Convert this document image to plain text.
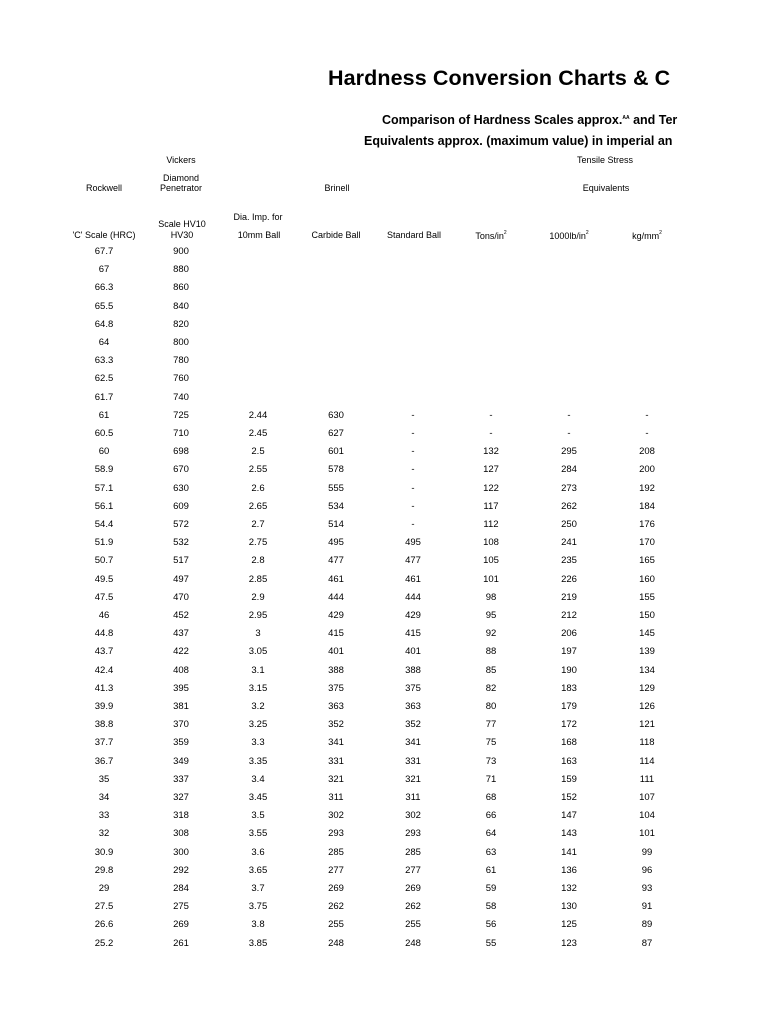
Hardness Conversion Charts & C
Comparison of Hardness Scales approx.$^{AA}$ and Ter
Equivalents approx. (maximum value) in imperial an
Vickers	Tensile Stress
Diamond
Penetrator
Rockwell	Brinell	Equivalents
Dia. Imp. for
Scale HV10
HV30
'C' Scale (HRC)	10mm Ball	Carbide Ball	Standard Ball	Tons/$in^2$	$1000lb/in^2$	$kg/mm^2$
67.7	900
67	880
66.3	860
65.5	840
64.8	820
64	800
63.3	780
62.5	760
61.7	740
61	725	2.44	630	-	-	-	-
60.5	710	2.45	627	-	-	-	-
60	698	2.5	601	-	132	295	208
58.9	670	2.55	578	-	127	284	200
57.1	630	2.6	555	-	122	273	192
56.1	609	2.65	534	-	117	262	184
54.4	572	2.7	514	-	112	250	176
51.9	532	2.75	495	495	108	241	170
50.7	517	2.8	477	477	105	235	165
49.5	497	2.85	461	461	101	226	160
47.5	470	2.9	444	444	98	219	155
46	452	2.95	429	429	95	212	150
44.8	437	3	415	415	92	206	145
43.7	422	3.05	401	401	88	197	139
42.4	408	3.1	388	388	85	190	134
41.3	395	3.15	375	375	82	183	129
39.9	381	3.2	363	363	80	179	126
38.8	370	3.25	352	352	77	172	121
37.7	359	3.3	341	341	75	168	118
36.7	349	3.35	331	331	73	163	114
35	337	3.4	321	321	71	159	111
34	327	3.45	311	311	68	152	107
33	318	3.5	302	302	66	147	104
32	308	3.55	293	293	64	143	101
30.9	300	3.6	285	285	63	141	99
29.8	292	3.65	277	277	61	136	96
29	284	3.7	269	269	59	132	93
27.5	275	3.75	262	262	58	130	91
26.6	269	3.8	255	255	56	125	89
25.2	261	3.85	248	248	55	123	87
